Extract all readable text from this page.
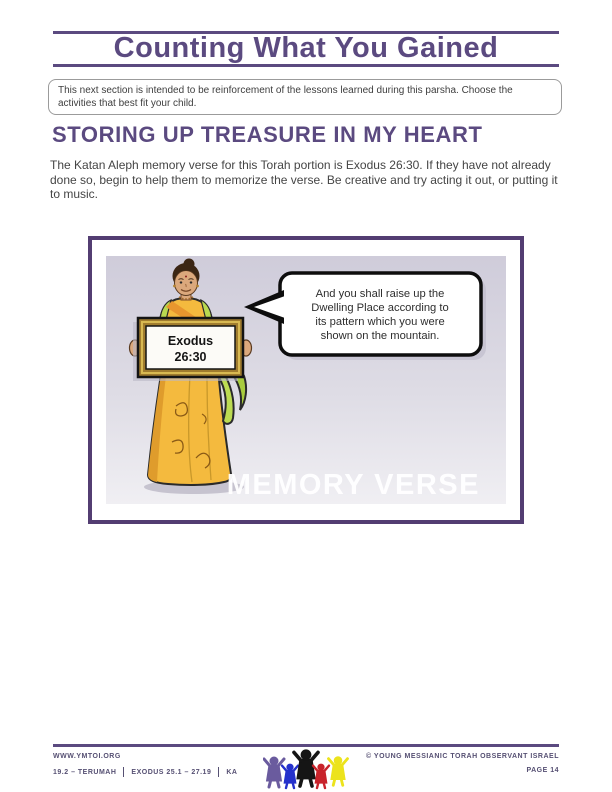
Counting What You Gained

This next section is intended to be reinforcement of the lessons learned during this parsha. Choose the activities that best fit your child.

STORING UP TREASURE IN MY HEART

The Katan Aleph memory verse for this Torah portion is Exodus 26:30. If they have not already done so, begin to help them to memorize the verse. Be creative and try acting it out, or putting it to music.

Exodus
26:30
And you shall raise up the
Dwelling Place according to
its pattern which you were
shown on the mountain.
MEMORY VERSE
WWW.YMTOI.ORG
19.2 – TERUMAH EXODUS 25.1 – 27.19 KA
© YOUNG MESSIANIC TORAH OBSERVANT ISRAEL
PAGE 14
